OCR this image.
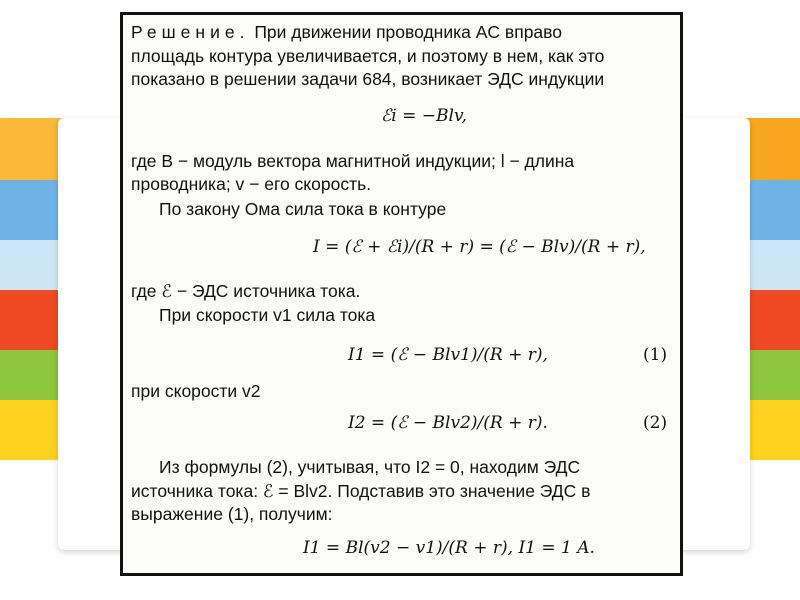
Решение. При движении проводника AC вправо
площадь контура увеличивается, и поэтому в нем, как это
показано в решении задачи 684, возникает ЭДС индукции
ℰi = −Blv,
где B − модуль вектора магнитной индукции; l − длина
проводника; v − его скорость.
По закону Ома сила тока в контуре
I = (ℰ + ℰi)/(R + r) = (ℰ − Blv)/(R + r),
где ℰ − ЭДС источника тока.
При скорости v1 сила тока
I1 = (ℰ − Blv1)/(R + r),	(1)
при скорости v2
I2 = (ℰ − Blv2)/(R + r).	(2)
Из формулы (2), учитывая, что I2 = 0, находим ЭДС
источника тока: ℰ = Blv2. Подставив это значение ЭДС в
выражение (1), получим:
I1 = Bl(v2 − v1)/(R + r), I1 = 1 A.
